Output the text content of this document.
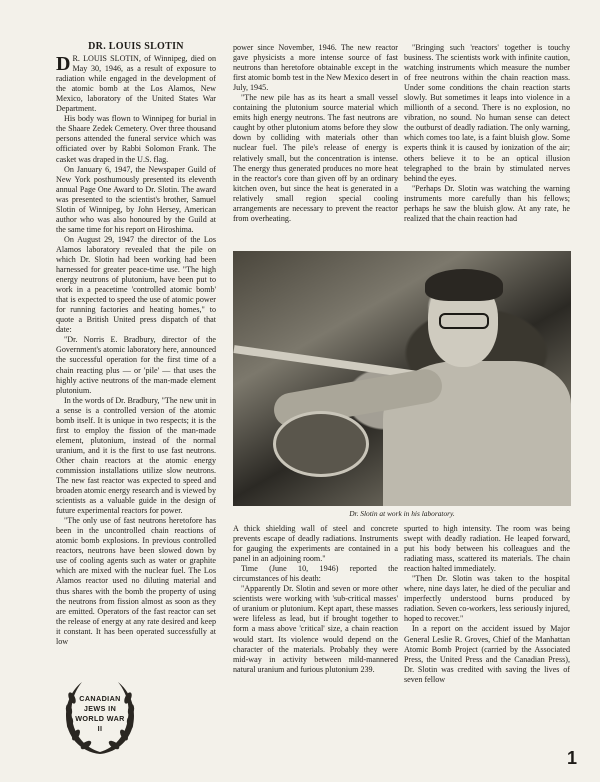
DR. LOUIS SLOTIN

D R. LOUIS SLOTIN, of Winnipeg, died on May 30, 1946, as a result of exposure to radiation while engaged in the development of the atomic bomb at the Los Alamos, New Mexico, laboratory of the United States War Department.

His body was flown to Winnipeg for burial in the Shaare Zedek Cemetery. Over three thousand persons attended the funeral service which was officiated over by Rabbi Solomon Frank. The casket was draped in the U.S. flag.

On January 6, 1947, the Newspaper Guild of New York posthumously presented its eleventh annual Page One Award to Dr. Slotin. The award was presented to the scientist's brother, Samuel Slotin of Winnipeg, by John Hersey, American author who was also honoured by the Guild at the same time for his report on Hiroshima.

On August 29, 1947 the director of the Los Alamos laboratory revealed that the pile on which Dr. Slotin had been working had been harnessed for greater peace-time use. "The high energy neutrons of plutonium, have been put to work in a peacetime 'controlled atomic bomb' that is expected to speed the use of atomic power for running factories and heating homes," to quote a British United press dispatch of that date:

"Dr. Norris E. Bradbury, director of the Government's atomic laboratory here, announced the successful operation for the first time of a chain reacting plus — or 'pile' — that uses the highly active neutrons of the man-made element plutonium.

In the words of Dr. Bradbury, "The new unit in a sense is a controlled version of the atomic bomb itself. It is unique in two respects; it is the first to employ the fission of the man-made element, plutonium, instead of the normal uranium, and it is the first to use fast neutrons. Other chain reactors at the atomic energy commission installations utilize slow neutrons. The new fast reactor was expected to speed and broaden atomic energy research and is viewed by scientists as a valuable guide in the design of future experimental reactors for power.

"The only use of fast neutrons heretofore has been in the uncontrolled chain reactions of atomic bomb explosions. In previous controlled reactors, neutrons have been slowed down by use of cooling agents such as water or graphite which are mixed with the nuclear fuel. The Los Alamos reactor used no diluting material and thus shares with the bomb the property of using the neutrons from fission almost as soon as they are emitted. Operators of the fast reactor can set the release of energy at any rate desired and keep it constant. It has been operated successfully at low

power since November, 1946. The new reactor gave physicists a more intense source of fast neutrons than heretofore obtainable except in the first atomic bomb test in the New Mexico desert in July, 1945.

"The new pile has as its heart a small vessel containing the plutonium source material which emits high energy neutrons. The fast neutrons are caught by other plutonium atoms before they slow down by colliding with materials other than nuclear fuel. The pile's release of energy is relatively small, but the concentration is intense. The energy thus generated produces no more heat in the reactor's core than given off by an ordinary kitchen oven, but since the heat is generated in a relatively small region special cooling arrangements are necessary to prevent the reactor from overheating.

"Bringing such 'reactors' together is touchy business. The scientists work with infinite caution, watching instruments which measure the number of free neutrons within the chain reaction mass. Under some conditions the chain reaction starts slowly. But sometimes it leaps into violence in a millionth of a second. There is no explosion, no vibration, no sound. No human sense can detect the outburst of deadly radiation. The only warning, which comes too late, is a faint bluish glow. Some experts think it is caused by ionization of the air; others believe it to be an optical illusion telegraphed to the brain by stimulated nerves behind the eyes.

"Perhaps Dr. Slotin was watching the warning instruments more carefully than his fellows; perhaps he saw the bluish glow. At any rate, he realized that the chain reaction had

Dr. Slotin at work in his laboratory.

A thick shielding wall of steel and concrete prevents escape of deadly radiations. Instruments for gauging the experiments are contained in a panel in an adjoining room."

Time (June 10, 1946) reported the circumstances of his death:

"Apparently Dr. Slotin and seven or more other scientists were working with 'sub-critical masses' of uranium or plutonium. Kept apart, these masses were lifeless as lead, but if brought together to form a mass above 'critical' size, a chain reaction would start. Its violence would depend on the character of the materials. Probably they were mid-way in activity between mild-mannered natural uranium and furious plutonium 239.

spurted to high intensity. The room was being swept with deadly radiation. He leaped forward, put his body between his colleagues and the radiating mass, scattered its materials. The chain reaction halted immediately.

"Then Dr. Slotin was taken to the hospital where, nine days later, he died of the peculiar and imperfectly understood burns produced by radiation. Seven co-workers, less seriously injured, hoped to recover."

In a report on the accident issued by Major General Leslie R. Groves, Chief of the Manhattan Atomic Bomb Project (carried by the Associated Press, the United Press and the Canadian Press), Dr. Slotin was credited with saving the lives of seven fellow

CANADIAN
JEWS IN
WORLD WAR
II
1
